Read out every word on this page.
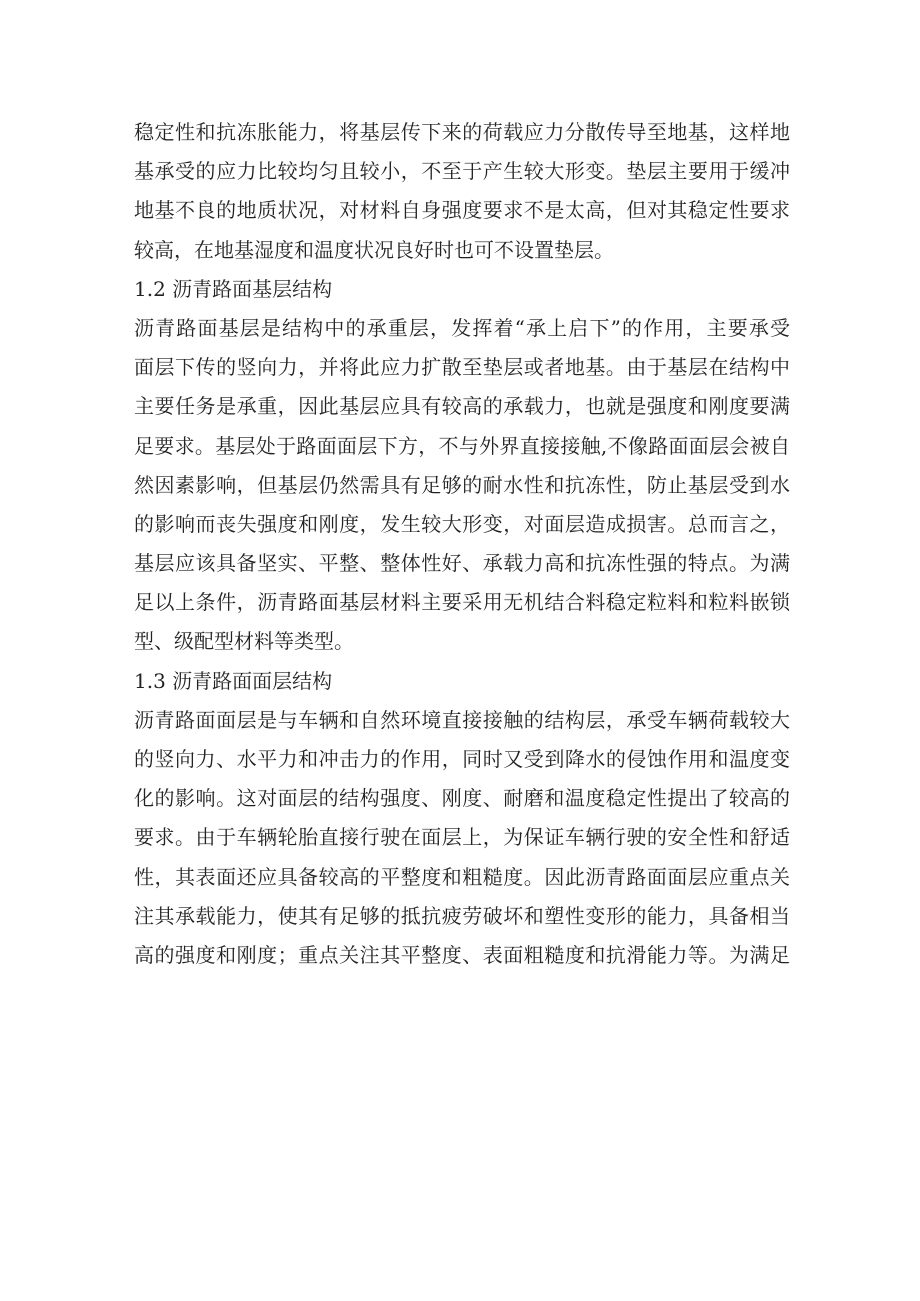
稳定性和抗冻胀能力，将基层传下来的荷载应力分散传导至地基，这样地

基承受的应力比较均匀且较小，不至于产生较大形变。垫层主要用于缓冲

地基不良的地质状况，对材料自身强度要求不是太高，但对其稳定性要求

较高，在地基湿度和温度状况良好时也可不设置垫层。

1.2 沥青路面基层结构

沥青路面基层是结构中的承重层，发挥着“承上启下”的作用，主要承受

面层下传的竖向力，并将此应力扩散至垫层或者地基。由于基层在结构中

主要任务是承重，因此基层应具有较高的承载力，也就是强度和刚度要满

足要求。基层处于路面面层下方，不与外界直接接触,不像路面面层会被自

然因素影响，但基层仍然需具有足够的耐水性和抗冻性，防止基层受到水

的影响而丧失强度和刚度，发生较大形变，对面层造成损害。总而言之，

基层应该具备坚实、平整、整体性好、承载力高和抗冻性强的特点。为满

足以上条件，沥青路面基层材料主要采用无机结合料稳定粒料和粒料嵌锁

型、级配型材料等类型。

1.3 沥青路面面层结构

沥青路面面层是与车辆和自然环境直接接触的结构层，承受车辆荷载较大

的竖向力、水平力和冲击力的作用，同时又受到降水的侵蚀作用和温度变

化的影响。这对面层的结构强度、刚度、耐磨和温度稳定性提出了较高的

要求。由于车辆轮胎直接行驶在面层上，为保证车辆行驶的安全性和舒适

性，其表面还应具备较高的平整度和粗糙度。因此沥青路面面层应重点关

注其承载能力，使其有足够的抵抗疲劳破坏和塑性变形的能力，具备相当

高的强度和刚度；重点关注其平整度、表面粗糙度和抗滑能力等。为满足
